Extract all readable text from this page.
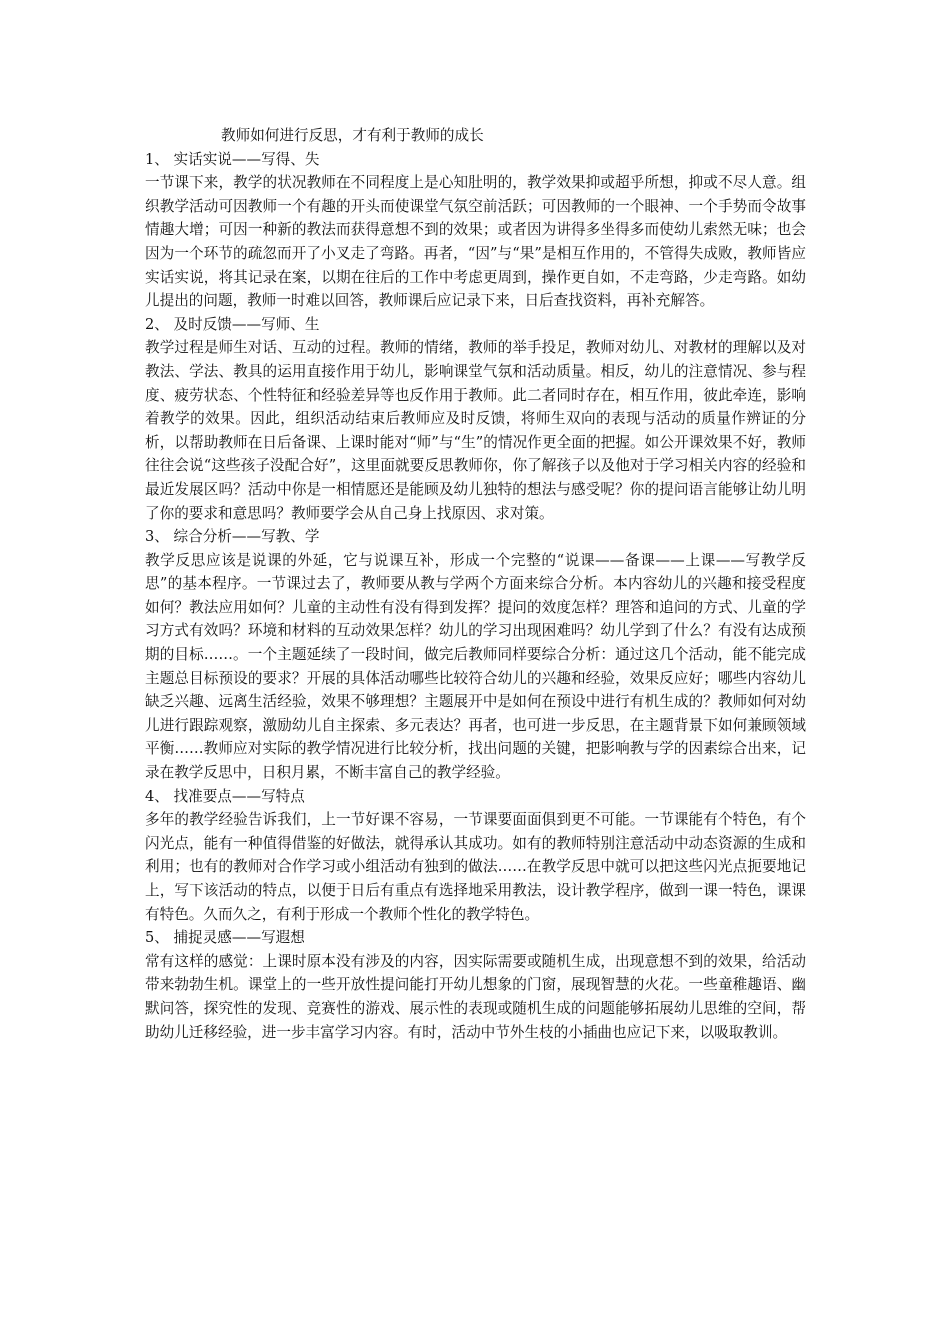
教师如何进行反思，才有利于教师的成长

1、 实话实说——写得、失

一节课下来，教学的状况教师在不同程度上是心知肚明的，教学效果抑或超乎所想，抑或不尽人意。组织教学活动可因教师一个有趣的开头而使课堂气氛空前活跃；可因教师的一个眼神、一个手势而令故事情趣大增；可因一种新的教法而获得意想不到的效果；或者因为讲得多坐得多而使幼儿索然无味；也会因为一个环节的疏忽而开了小叉走了弯路。再者，“因”与“果”是相互作用的，不管得失成败，教师皆应实话实说，将其记录在案，以期在往后的工作中考虑更周到，操作更自如，不走弯路，少走弯路。如幼儿提出的问题，教师一时难以回答，教师课后应记录下来，日后查找资料，再补充解答。

2、 及时反馈——写师、生

教学过程是师生对话、互动的过程。教师的情绪，教师的举手投足，教师对幼儿、对教材的理解以及对教法、学法、教具的运用直接作用于幼儿，影响课堂气氛和活动质量。相反，幼儿的注意情况、参与程度、疲劳状态、个性特征和经验差异等也反作用于教师。此二者同时存在，相互作用，彼此牵连，影响着教学的效果。因此，组织活动结束后教师应及时反馈，将师生双向的表现与活动的质量作辨证的分析，以帮助教师在日后备课、上课时能对“师”与“生”的情况作更全面的把握。如公开课效果不好，教师往往会说“这些孩子没配合好”，这里面就要反思教师你，你了解孩子以及他对于学习相关内容的经验和最近发展区吗？活动中你是一相情愿还是能顾及幼儿独特的想法与感受呢？你的提问语言能够让幼儿明了你的要求和意思吗？教师要学会从自己身上找原因、求对策。

3、 综合分析——写教、学

教学反思应该是说课的外延，它与说课互补，形成一个完整的“说课——备课——上课——写教学反思”的基本程序。一节课过去了，教师要从教与学两个方面来综合分析。本内容幼儿的兴趣和接受程度如何？教法应用如何？儿童的主动性有没有得到发挥？提问的效度怎样？理答和追问的方式、儿童的学习方式有效吗？环境和材料的互动效果怎样？幼儿的学习出现困难吗？幼儿学到了什么？有没有达成预期的目标……。一个主题延续了一段时间，做完后教师同样要综合分析：通过这几个活动，能不能完成主题总目标预设的要求？开展的具体活动哪些比较符合幼儿的兴趣和经验，效果反应好；哪些内容幼儿缺乏兴趣、远离生活经验，效果不够理想？主题展开中是如何在预设中进行有机生成的？教师如何对幼儿进行跟踪观察，激励幼儿自主探索、多元表达？再者，也可进一步反思，在主题背景下如何兼顾领域平衡……教师应对实际的教学情况进行比较分析，找出问题的关键，把影响教与学的因素综合出来，记录在教学反思中，日积月累，不断丰富自己的教学经验。

4、 找准要点——写特点

多年的教学经验告诉我们，上一节好课不容易，一节课要面面俱到更不可能。一节课能有个特色，有个闪光点，能有一种值得借鉴的好做法，就得承认其成功。如有的教师特别注意活动中动态资源的生成和利用；也有的教师对合作学习或小组活动有独到的做法……在教学反思中就可以把这些闪光点扼要地记上，写下该活动的特点，以便于日后有重点有选择地采用教法，设计教学程序，做到一课一特色，课课有特色。久而久之，有利于形成一个教师个性化的教学特色。

5、 捕捉灵感——写遐想

常有这样的感觉：上课时原本没有涉及的内容，因实际需要或随机生成，出现意想不到的效果，给活动带来勃勃生机。课堂上的一些开放性提问能打开幼儿想象的门窗，展现智慧的火花。一些童稚趣语、幽默问答，探究性的发现、竞赛性的游戏、展示性的表现或随机生成的问题能够拓展幼儿思维的空间，帮助幼儿迁移经验，进一步丰富学习内容。有时，活动中节外生枝的小插曲也应记下来，以吸取教训。
